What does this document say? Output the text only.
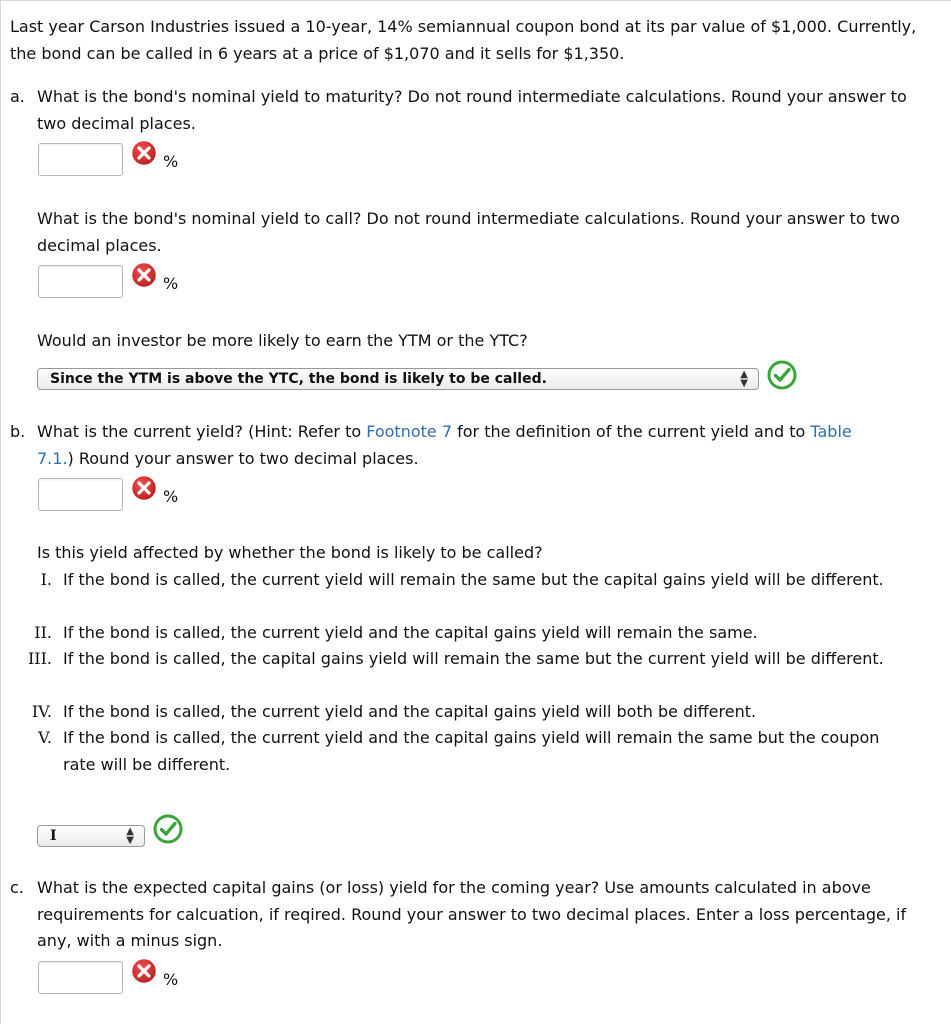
Last year Carson Industries issued a 10-year, 14% semiannual coupon bond at its par value of $1,000. Currently, the bond can be called in 6 years at a price of $1,070 and it sells for $1,350.

a. What is the bond's nominal yield to maturity? Do not round intermediate calculations. Round your answer to two decimal places.

%

What is the bond's nominal yield to call? Do not round intermediate calculations. Round your answer to two decimal places.

%

Would an investor be more likely to earn the YTM or the YTC?

Since the YTM is above the YTC, the bond is likely to be called.	▲
▼
b. What is the current yield? (Hint: Refer to Footnote 7 for the definition of the current yield and to Table
7.1.) Round your answer to two decimal places.

%

Is this yield affected by whether the bond is likely to be called?

I. If the bond is called, the current yield will remain the same but the capital gains yield will be different.
II. If the bond is called, the current yield and the capital gains yield will remain the same.
III. If the bond is called, the capital gains yield will remain the same but the current yield will be different.
IV. If the bond is called, the current yield and the capital gains yield will both be different.
V. If the bond is called, the current yield and the capital gains yield will remain the same but the coupon rate will be different.
I	▲
▼
c. What is the expected capital gains (or loss) yield for the coming year? Use amounts calculated in above requirements for calcuation, if reqired. Round your answer to two decimal places. Enter a loss percentage, if any, with a minus sign.

%
